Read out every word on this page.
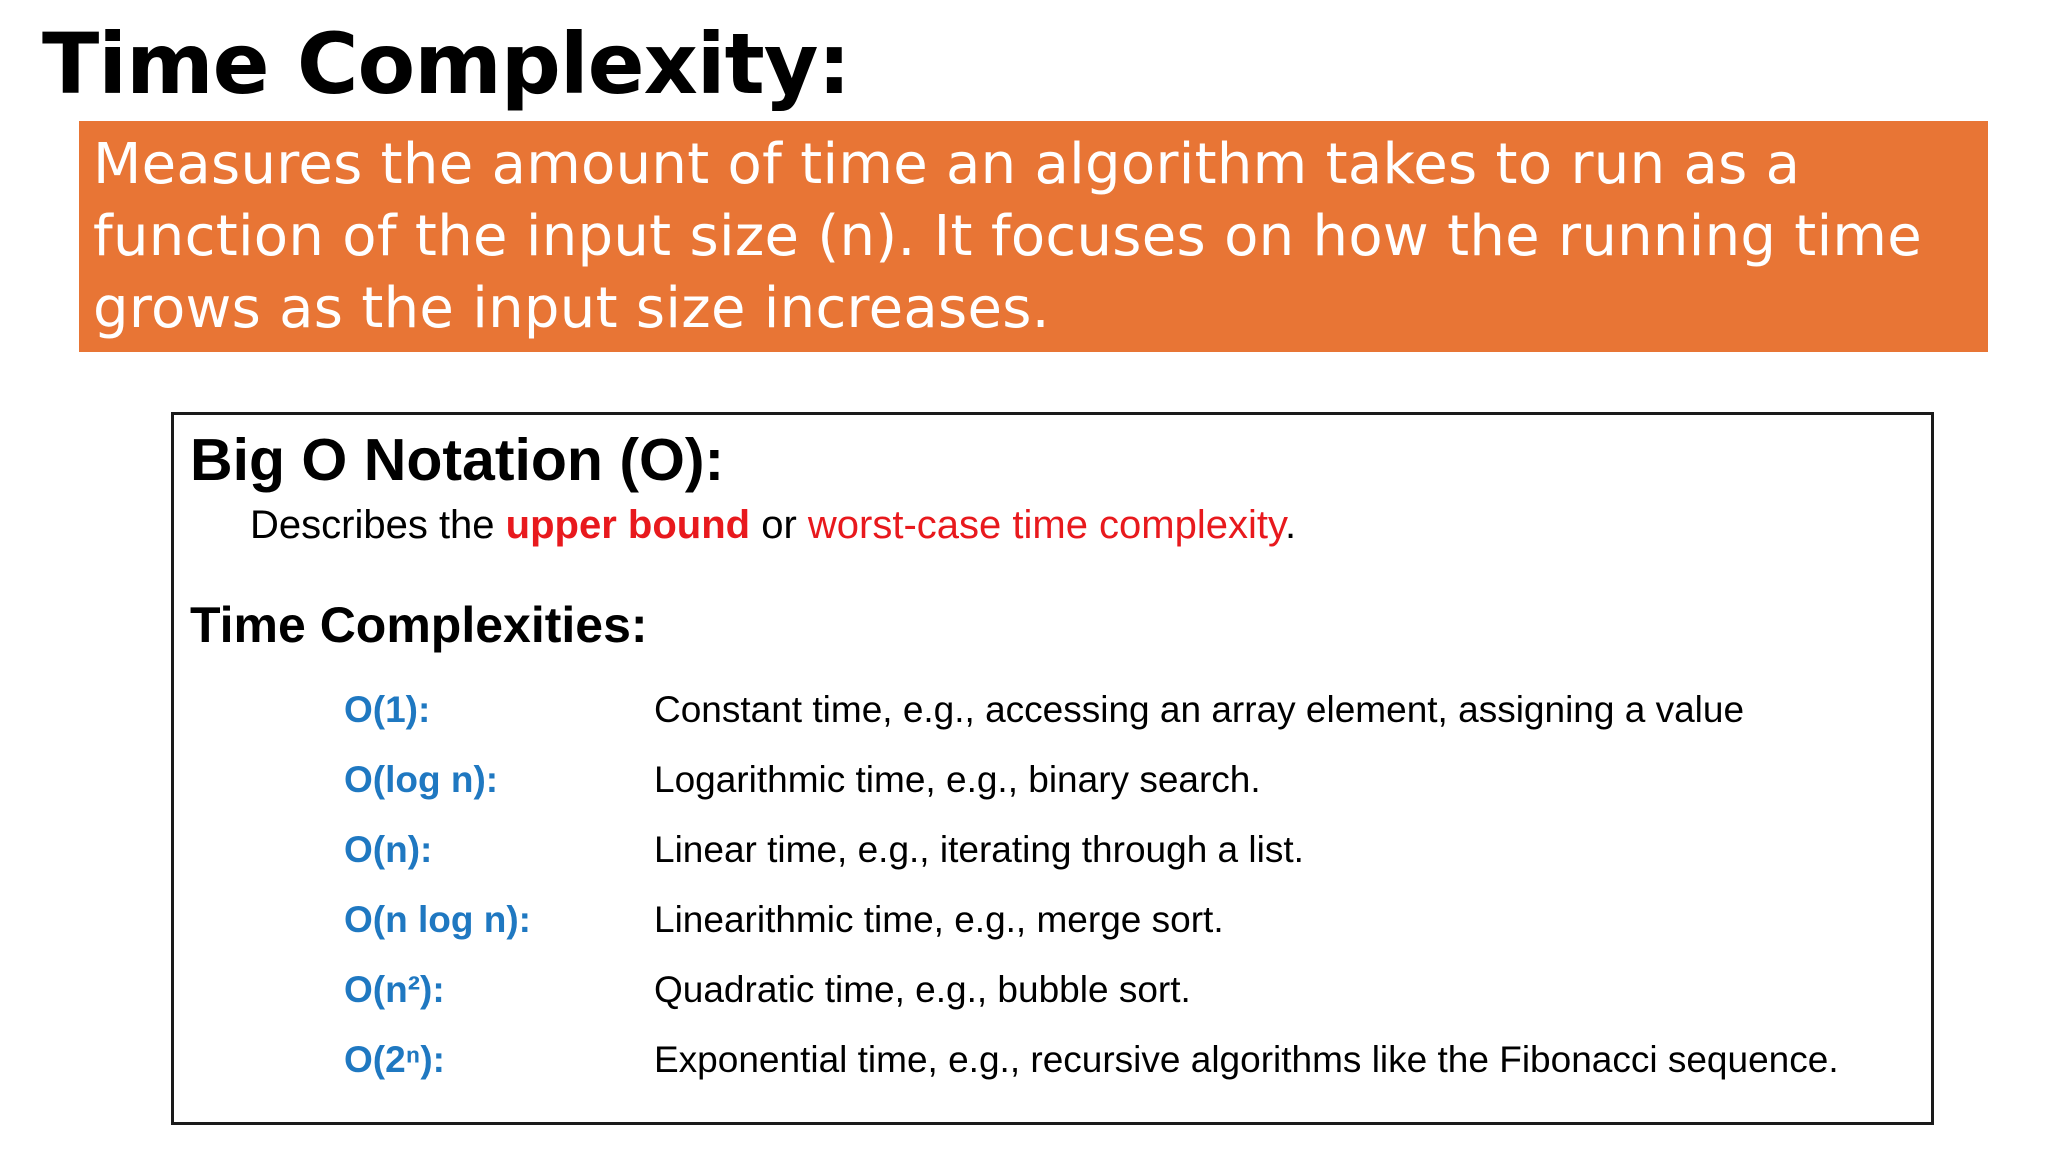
Time Complexity:

Measures the amount of time an algorithm takes to run as a function of the input size (n). It focuses on how the running time grows as the input size increases.

Big O Notation (O):

Describes the upper bound or worst-case time complexity.

Time Complexities:
O(1):	Constant time, e.g., accessing an array element, assigning a value
O(log n):	Logarithmic time, e.g., binary search.
O(n):	Linear time, e.g., iterating through a list.
O(n log n):	Linearithmic time, e.g., merge sort.
O(n²):	Quadratic time, e.g., bubble sort.
O(2ⁿ):	Exponential time, e.g., recursive algorithms like the Fibonacci sequence.
